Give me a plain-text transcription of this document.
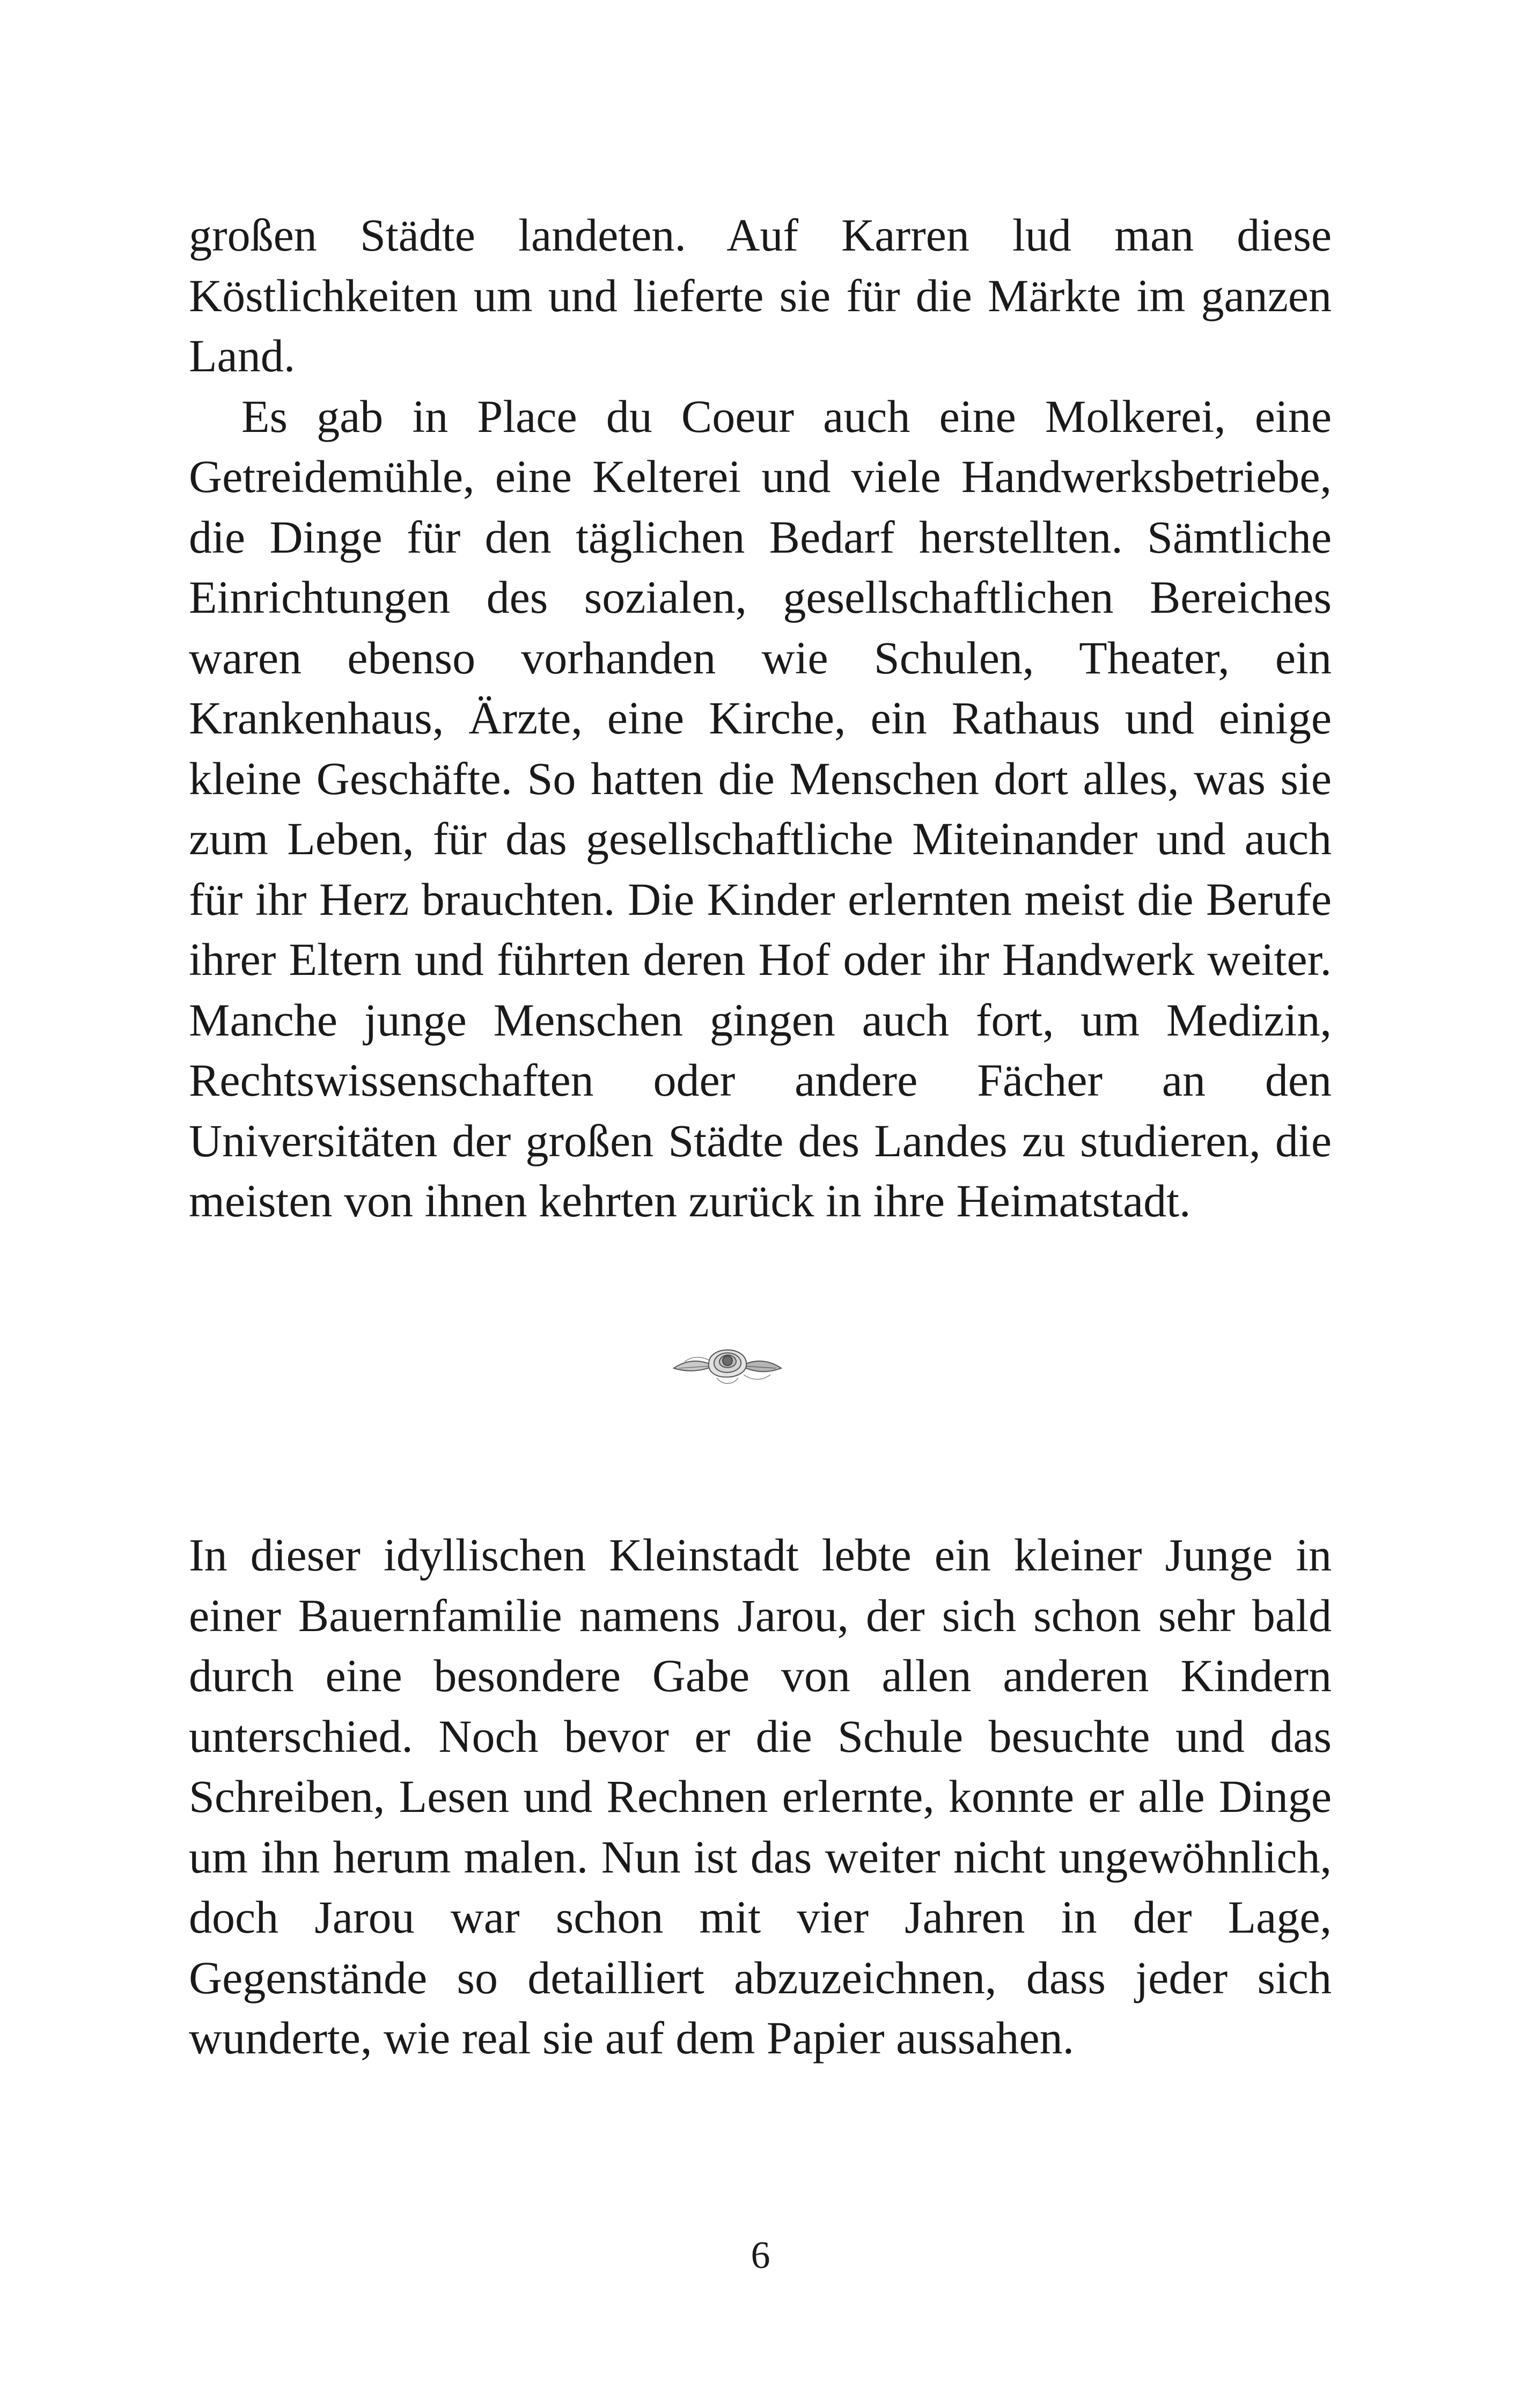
großen Städte landeten. Auf Karren lud man diese Köstlichkeiten um und lieferte sie für die Märkte im ganzen Land.

Es gab in Place du Coeur auch eine Molkerei, eine Getreidemühle, eine Kelterei und viele Handwerksbetriebe, die Dinge für den täglichen Bedarf herstellten. Sämtliche Einrichtungen des sozialen, gesellschaftlichen Bereiches waren ebenso vorhanden wie Schulen, Theater, ein Krankenhaus, Ärzte, eine Kirche, ein Rathaus und einige kleine Geschäfte. So hatten die Menschen dort alles, was sie zum Leben, für das gesellschaftliche Miteinander und auch für ihr Herz brauchten. Die Kinder erlernten meist die Berufe ihrer Eltern und führten deren Hof oder ihr Handwerk weiter. Manche junge Menschen gingen auch fort, um Medizin, Rechtswissenschaften oder andere Fächer an den Universitäten der großen Städte des Landes zu studieren, die meisten von ihnen kehrten zurück in ihre Heimatstadt.

In dieser idyllischen Kleinstadt lebte ein kleiner Junge in einer Bauernfamilie namens Jarou, der sich schon sehr bald durch eine besondere Gabe von allen anderen Kindern unterschied. Noch bevor er die Schule besuchte und das Schreiben, Lesen und Rechnen erlernte, konnte er alle Dinge um ihn herum malen. Nun ist das weiter nicht ungewöhnlich, doch Jarou war schon mit vier Jahren in der Lage, Gegenstände so detailliert abzuzeichnen, dass jeder sich wunderte, wie real sie auf dem Papier aussahen.

6
